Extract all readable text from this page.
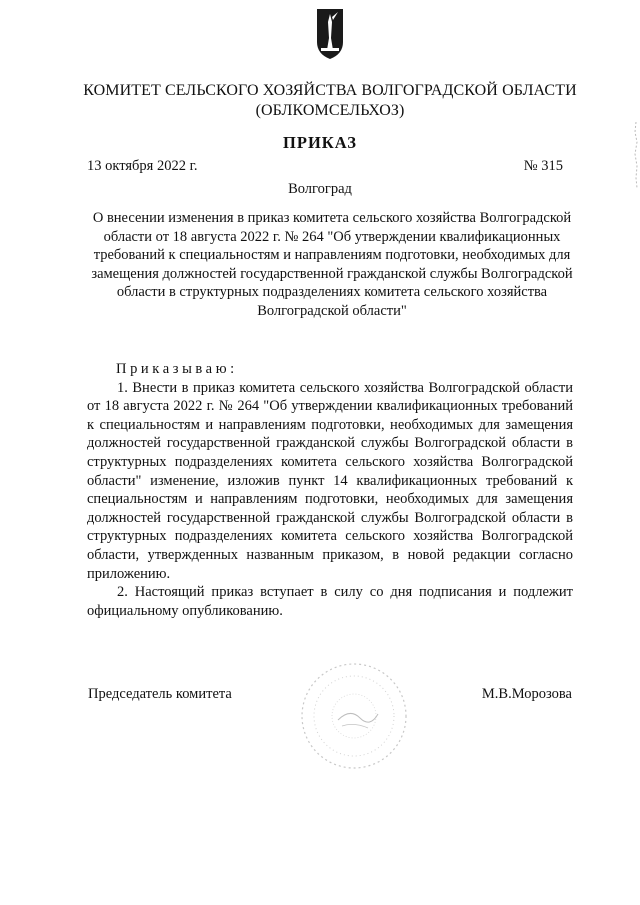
КОМИТЕТ СЕЛЬСКОГО ХОЗЯЙСТВА ВОЛГОГРАДСКОЙ ОБЛАСТИ
(ОБЛКОМСЕЛЬХОЗ)
ПРИКАЗ
13 октября 2022 г.	№ 315
Волгоград
О внесении изменения в приказ комитета сельского хозяйства Волгоградской области от 18 августа 2022 г. № 264 "Об утверждении квалификационных требований к специальностям и направлениям подготовки, необходимых для замещения должностей государственной гражданской службы Волгоградской области в структурных подразделениях комитета сельского хозяйства Волгоградской области"

Приказываю:

1. Внести в приказ комитета сельского хозяйства Волгоградской области от 18 августа 2022 г. № 264 "Об утверждении квалификационных требований к специальностям и направлениям подготовки, необходимых для замещения должностей государственной гражданской службы Волгоградской области в структурных подразделениях комитета сельского хозяйства Волгоградской области" изменение, изложив пункт 14 квалификационных требований к специальностям и направлениям подготовки, необходимых для замещения должностей государственной гражданской службы Волгоградской области в структурных подразделениях комитета сельского хозяйства Волгоградской области, утвержденных названным приказом, в новой редакции согласно приложению.

2. Настоящий приказ вступает в силу со дня подписания и подлежит официальному опубликованию.

Председатель комитета	М.В.Морозова
